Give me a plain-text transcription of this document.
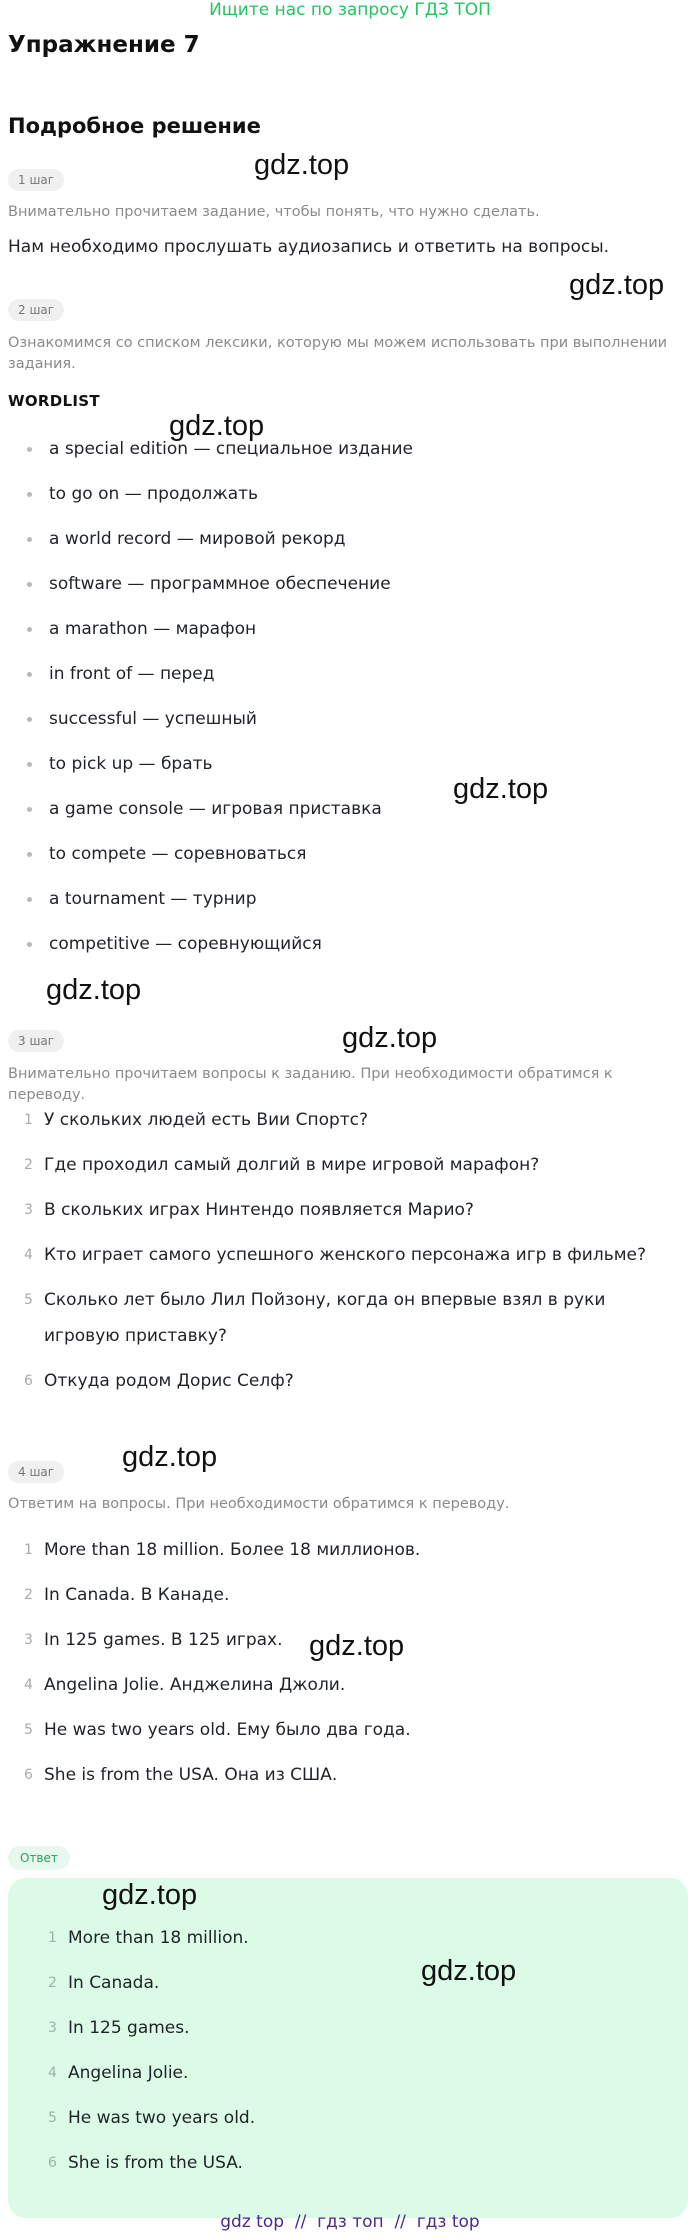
Ищите нас по запросу ГДЗ ТОП
Упражнение 7
Подробное решение
1 шаг
Внимательно прочитаем задание, чтобы понять, что нужно сделать.
Нам необходимо прослушать аудиозапись и ответить на вопросы.
2 шаг
Ознакомимся со списком лексики, которую мы можем использовать при выполнении задания.
WORDLIST
a special edition — специальное издание
to go on — продолжать
a world record — мировой рекорд
software — программное обеспечение
a marathon — марафон
in front of — перед
successful — успешный
to pick up — брать
a game console — игровая приставка
to compete — соревноваться
a tournament — турнир
competitive — соревнующийся
3 шаг
Внимательно прочитаем вопросы к заданию. При необходимости обратимся к переводу.
1 У скольких людей есть Вии Спортс?
2 Где проходил самый долгий в мире игровой марафон?
3 В скольких играх Нинтендо появляется Марио?
4 Кто играет самого успешного женского персонажа игр в фильме?
5 Сколько лет было Лил Пойзону, когда он впервые взял в руки игровую приставку?
6 Откуда родом Дорис Селф?
4 шаг
Ответим на вопросы. При необходимости обратимся к переводу.
1 More than 18 million. Более 18 миллионов.
2 In Canada. В Канаде.
3 In 125 games. В 125 играх.
4 Angelina Jolie. Анджелина Джоли.
5 He was two years old. Ему было два года.
6 She is from the USA. Она из США.
Ответ
1 More than 18 million.
2 In Canada.
3 In 125 games.
4 Angelina Jolie.
5 He was two years old.
6 She is from the USA.
gdz.top
gdz.top
gdz.top
gdz.top
gdz.top
gdz.top
gdz.top
gdz.top
gdz.top
gdz.top
gdz top  //  гдз топ  //  гдз top
